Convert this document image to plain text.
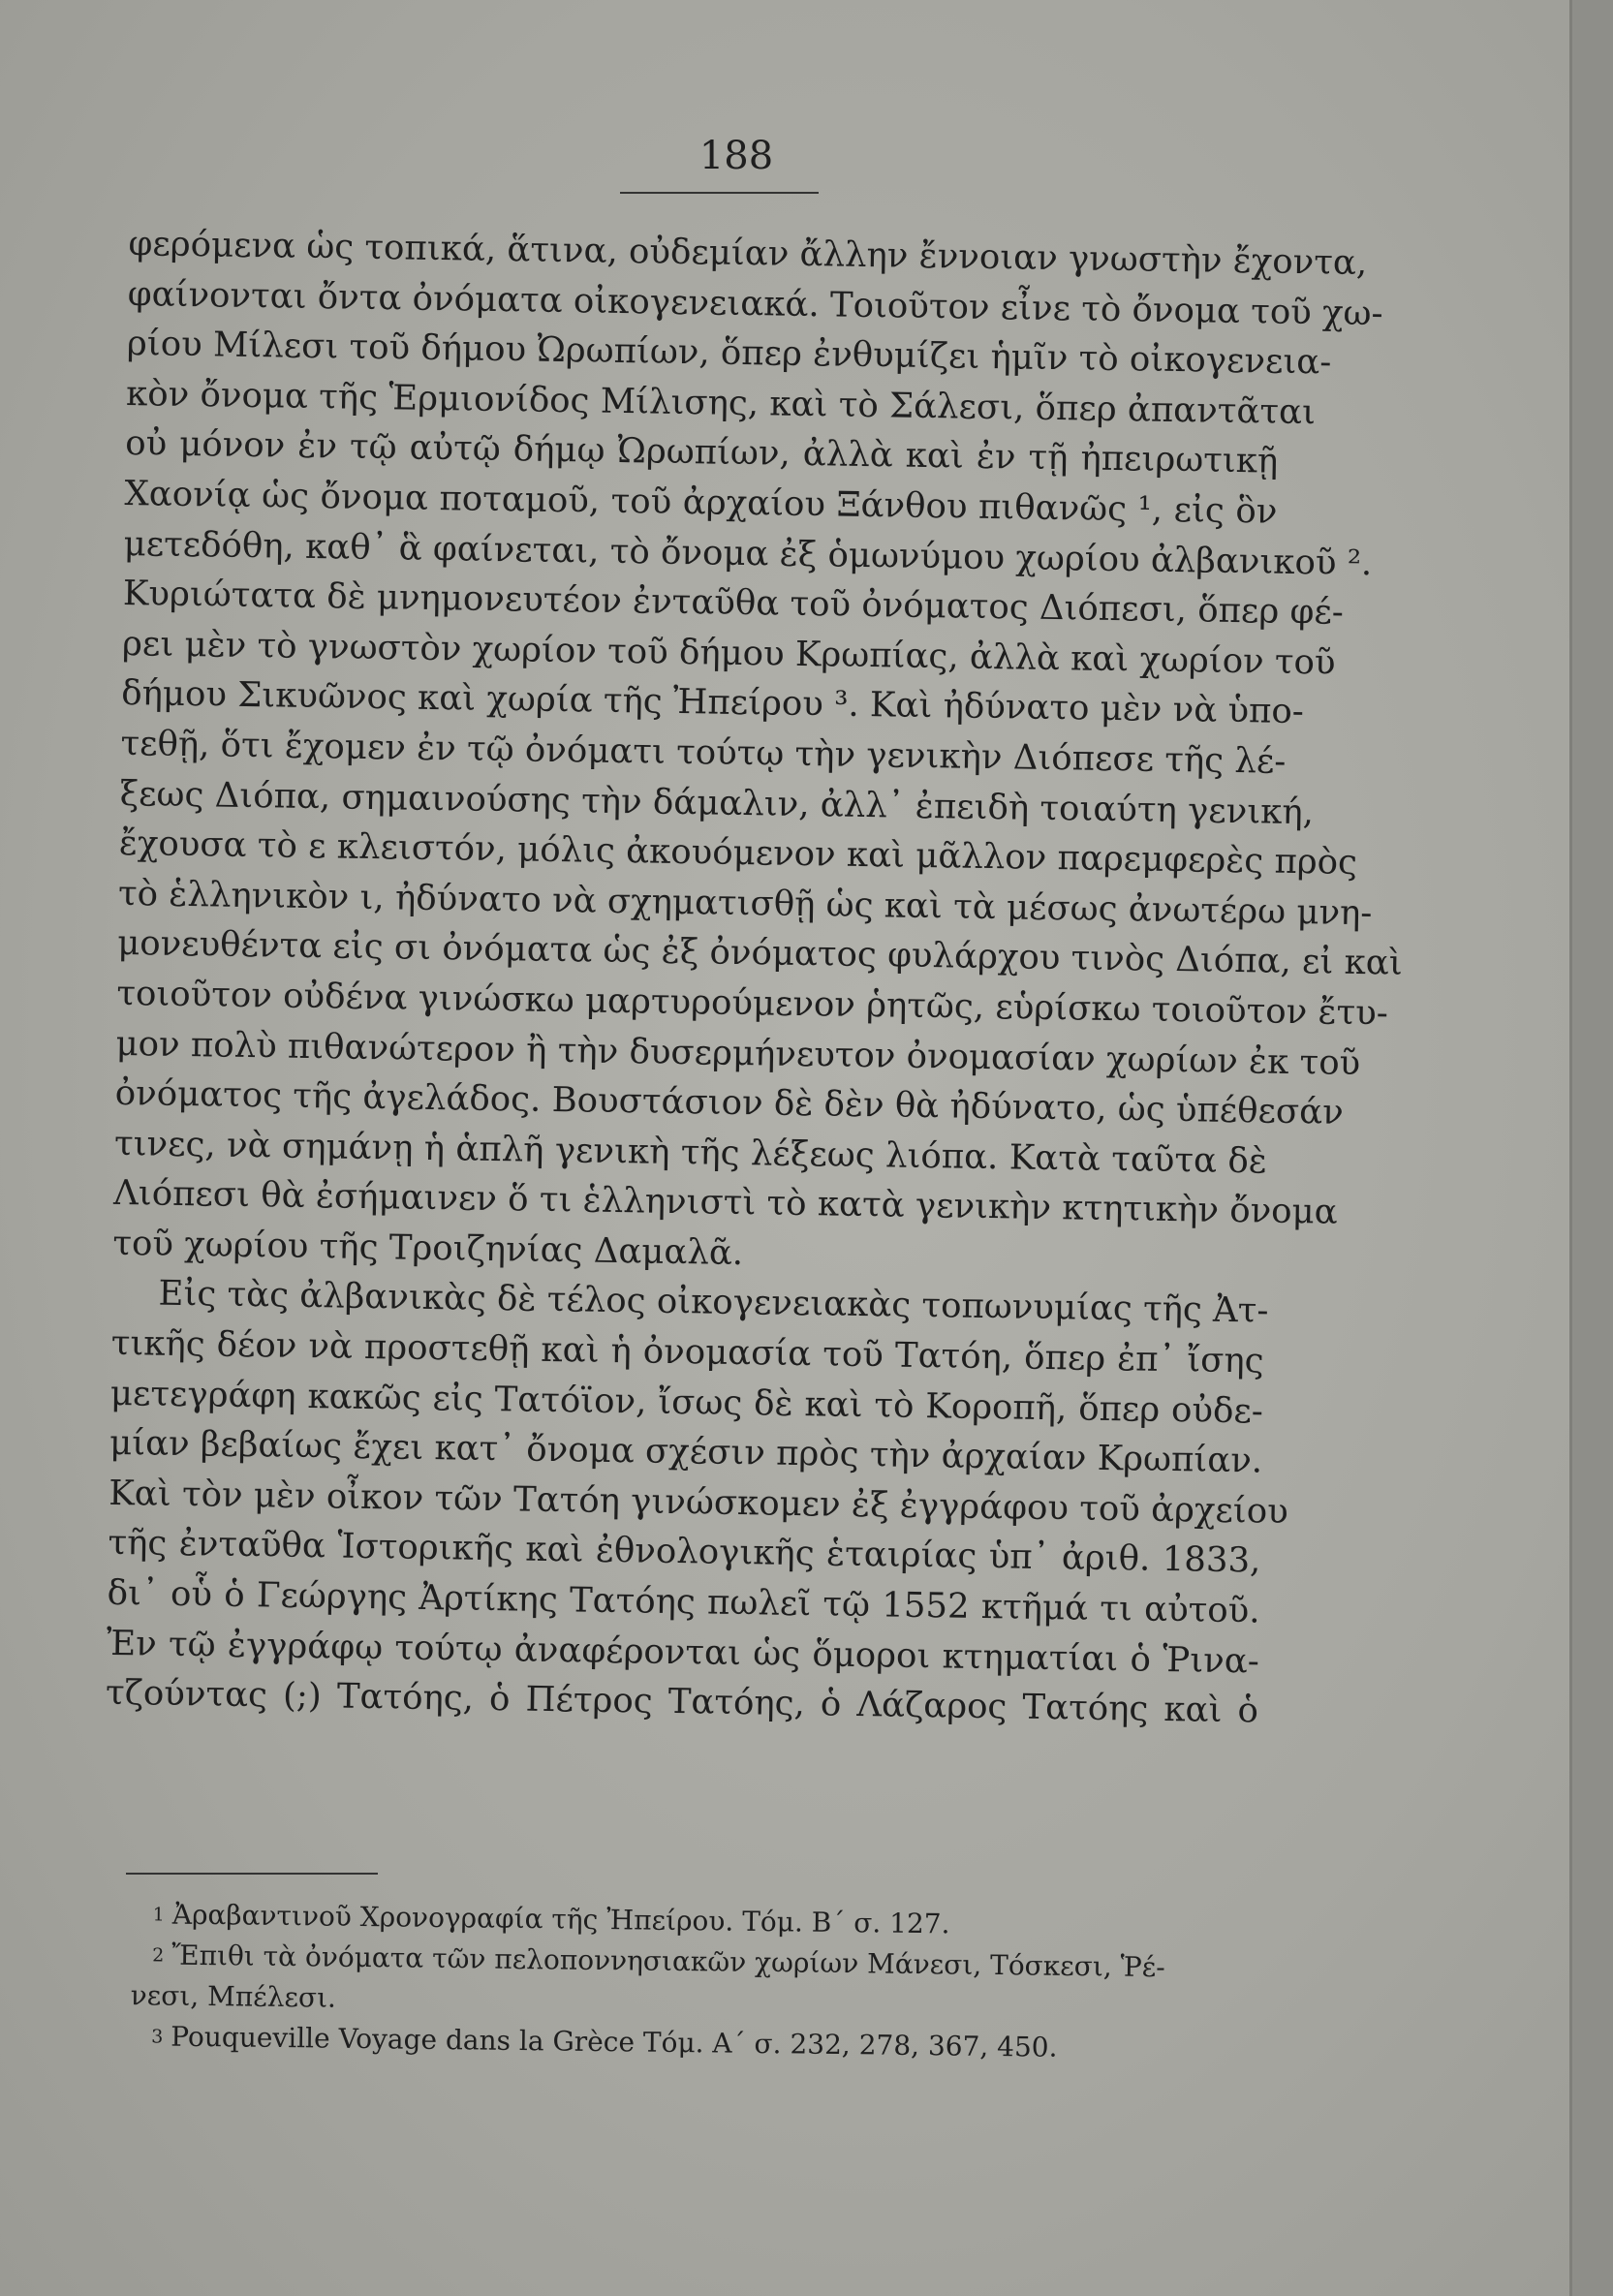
188
φερόμενα ὡς τοπικά, ἅτινα, οὐδεμίαν ἄλλην ἔννοιαν γνωστὴν ἔχοντα,
φαίνονται ὄντα ὀνόματα οἰκογενειακά. Τοιοῦτον εἶνε τὸ ὄνομα τοῦ χω-
ρίου Μίλεσι τοῦ δήμου Ὠρωπίων, ὅπερ ἐνθυμίζει ἡμῖν τὸ οἰκογενεια-
κὸν ὄνομα τῆς Ἑρμιονίδος Μίλισης, καὶ τὸ Σάλεσι, ὅπερ ἀπαντᾶται
οὐ μόνον ἐν τῷ αὐτῷ δήμῳ Ὠρωπίων, ἀλλὰ καὶ ἐν τῇ ἠπειρωτικῇ
Χαονίᾳ ὡς ὄνομα ποταμοῦ, τοῦ ἀρχαίου Ξάνθου πιθανῶς ¹, εἰς ὃν
μετεδόθη, καθ᾽ ἃ φαίνεται, τὸ ὄνομα ἐξ ὁμωνύμου χωρίου ἀλβανικοῦ ².
Κυριώτατα δὲ μνημονευτέον ἐνταῦθα τοῦ ὀνόματος Διόπεσι, ὅπερ φέ-
ρει μὲν τὸ γνωστὸν χωρίον τοῦ δήμου Κρωπίας, ἀλλὰ καὶ χωρίον τοῦ
δήμου Σικυῶνος καὶ χωρία τῆς Ἠπείρου ³. Καὶ ἠδύνατο μὲν νὰ ὑπο-
τεθῇ, ὅτι ἔχομεν ἐν τῷ ὀνόματι τούτῳ τὴν γενικὴν Διόπεσε τῆς λέ-
ξεως Διόπα, σημαινούσης τὴν δάμαλιν, ἀλλ᾽ ἐπειδὴ τοιαύτη γενική,
ἔχουσα τὸ ε κλειστόν, μόλις ἀκουόμενον καὶ μᾶλλον παρεμφερὲς πρὸς
τὸ ἑλληνικὸν ι, ἠδύνατο νὰ σχηματισθῇ ὡς καὶ τὰ μέσως ἀνωτέρω μνη-
μονευθέντα εἰς σι ὀνόματα ὡς ἐξ ὀνόματος φυλάρχου τινὸς Διόπα, εἰ καὶ
τοιοῦτον οὐδένα γινώσκω μαρτυρούμενον ῥητῶς, εὑρίσκω τοιοῦτον ἔτυ-
μον πολὺ πιθανώτερον ἢ τὴν δυσερμήνευτον ὀνομασίαν χωρίων ἐκ τοῦ
ὀνόματος τῆς ἀγελάδος. Βουστάσιον δὲ δὲν θὰ ἠδύνατο, ὡς ὑπέθεσάν
τινες, νὰ σημάνῃ ἡ ἁπλῆ γενικὴ τῆς λέξεως λιόπα. Κατὰ ταῦτα δὲ
Λιόπεσι θὰ ἐσήμαινεν ὅ τι ἑλληνιστὶ τὸ κατὰ γενικὴν κτητικὴν ὄνομα
τοῦ χωρίου τῆς Τροιζηνίας Δαμαλᾶ.
Εἰς τὰς ἀλβανικὰς δὲ τέλος οἰκογενειακὰς τοπωνυμίας τῆς Ἀτ-
τικῆς δέον νὰ προστεθῇ καὶ ἡ ὀνομασία τοῦ Τατόη, ὅπερ ἐπ᾽ ἴσης
μετεγράφη κακῶς εἰς Τατόϊον, ἴσως δὲ καὶ τὸ Κοροπῆ, ὅπερ οὐδε-
μίαν βεβαίως ἔχει κατ᾽ ὄνομα σχέσιν πρὸς τὴν ἀρχαίαν Κρωπίαν.
Καὶ τὸν μὲν οἶκον τῶν Τατόη γινώσκομεν ἐξ ἐγγράφου τοῦ ἀρχείου
τῆς ἐνταῦθα Ἱστορικῆς καὶ ἐθνολογικῆς ἑταιρίας ὑπ᾽ ἀριθ. 1833,
δι᾽ οὗ ὁ Γεώργης Ἀρτίκης Τατόης πωλεῖ τῷ 1552 κτῆμά τι αὐτοῦ.
Ἐν τῷ ἐγγράφῳ τούτῳ ἀναφέρονται ὡς ὅμοροι κτηματίαι ὁ Ῥινα-
τζούντας (;) Τατόης, ὁ Πέτρος Τατόης, ὁ Λάζαρος Τατόης καὶ ὁ
$^1$ Ἀραβαντινοῦ Χρονογραφία τῆς Ἠπείρου. Τόμ. Β΄ σ. 127.
$^2$ Ἔπιθι τὰ ὀνόματα τῶν πελοποννησιακῶν χωρίων Μάνεσι, Τόσκεσι, Ῥέ-
νεσι, Μπέλεσι.
$^3$ Pouqueville Voyage dans la Grèce Τόμ. Α΄ σ. 232, 278, 367, 450.
